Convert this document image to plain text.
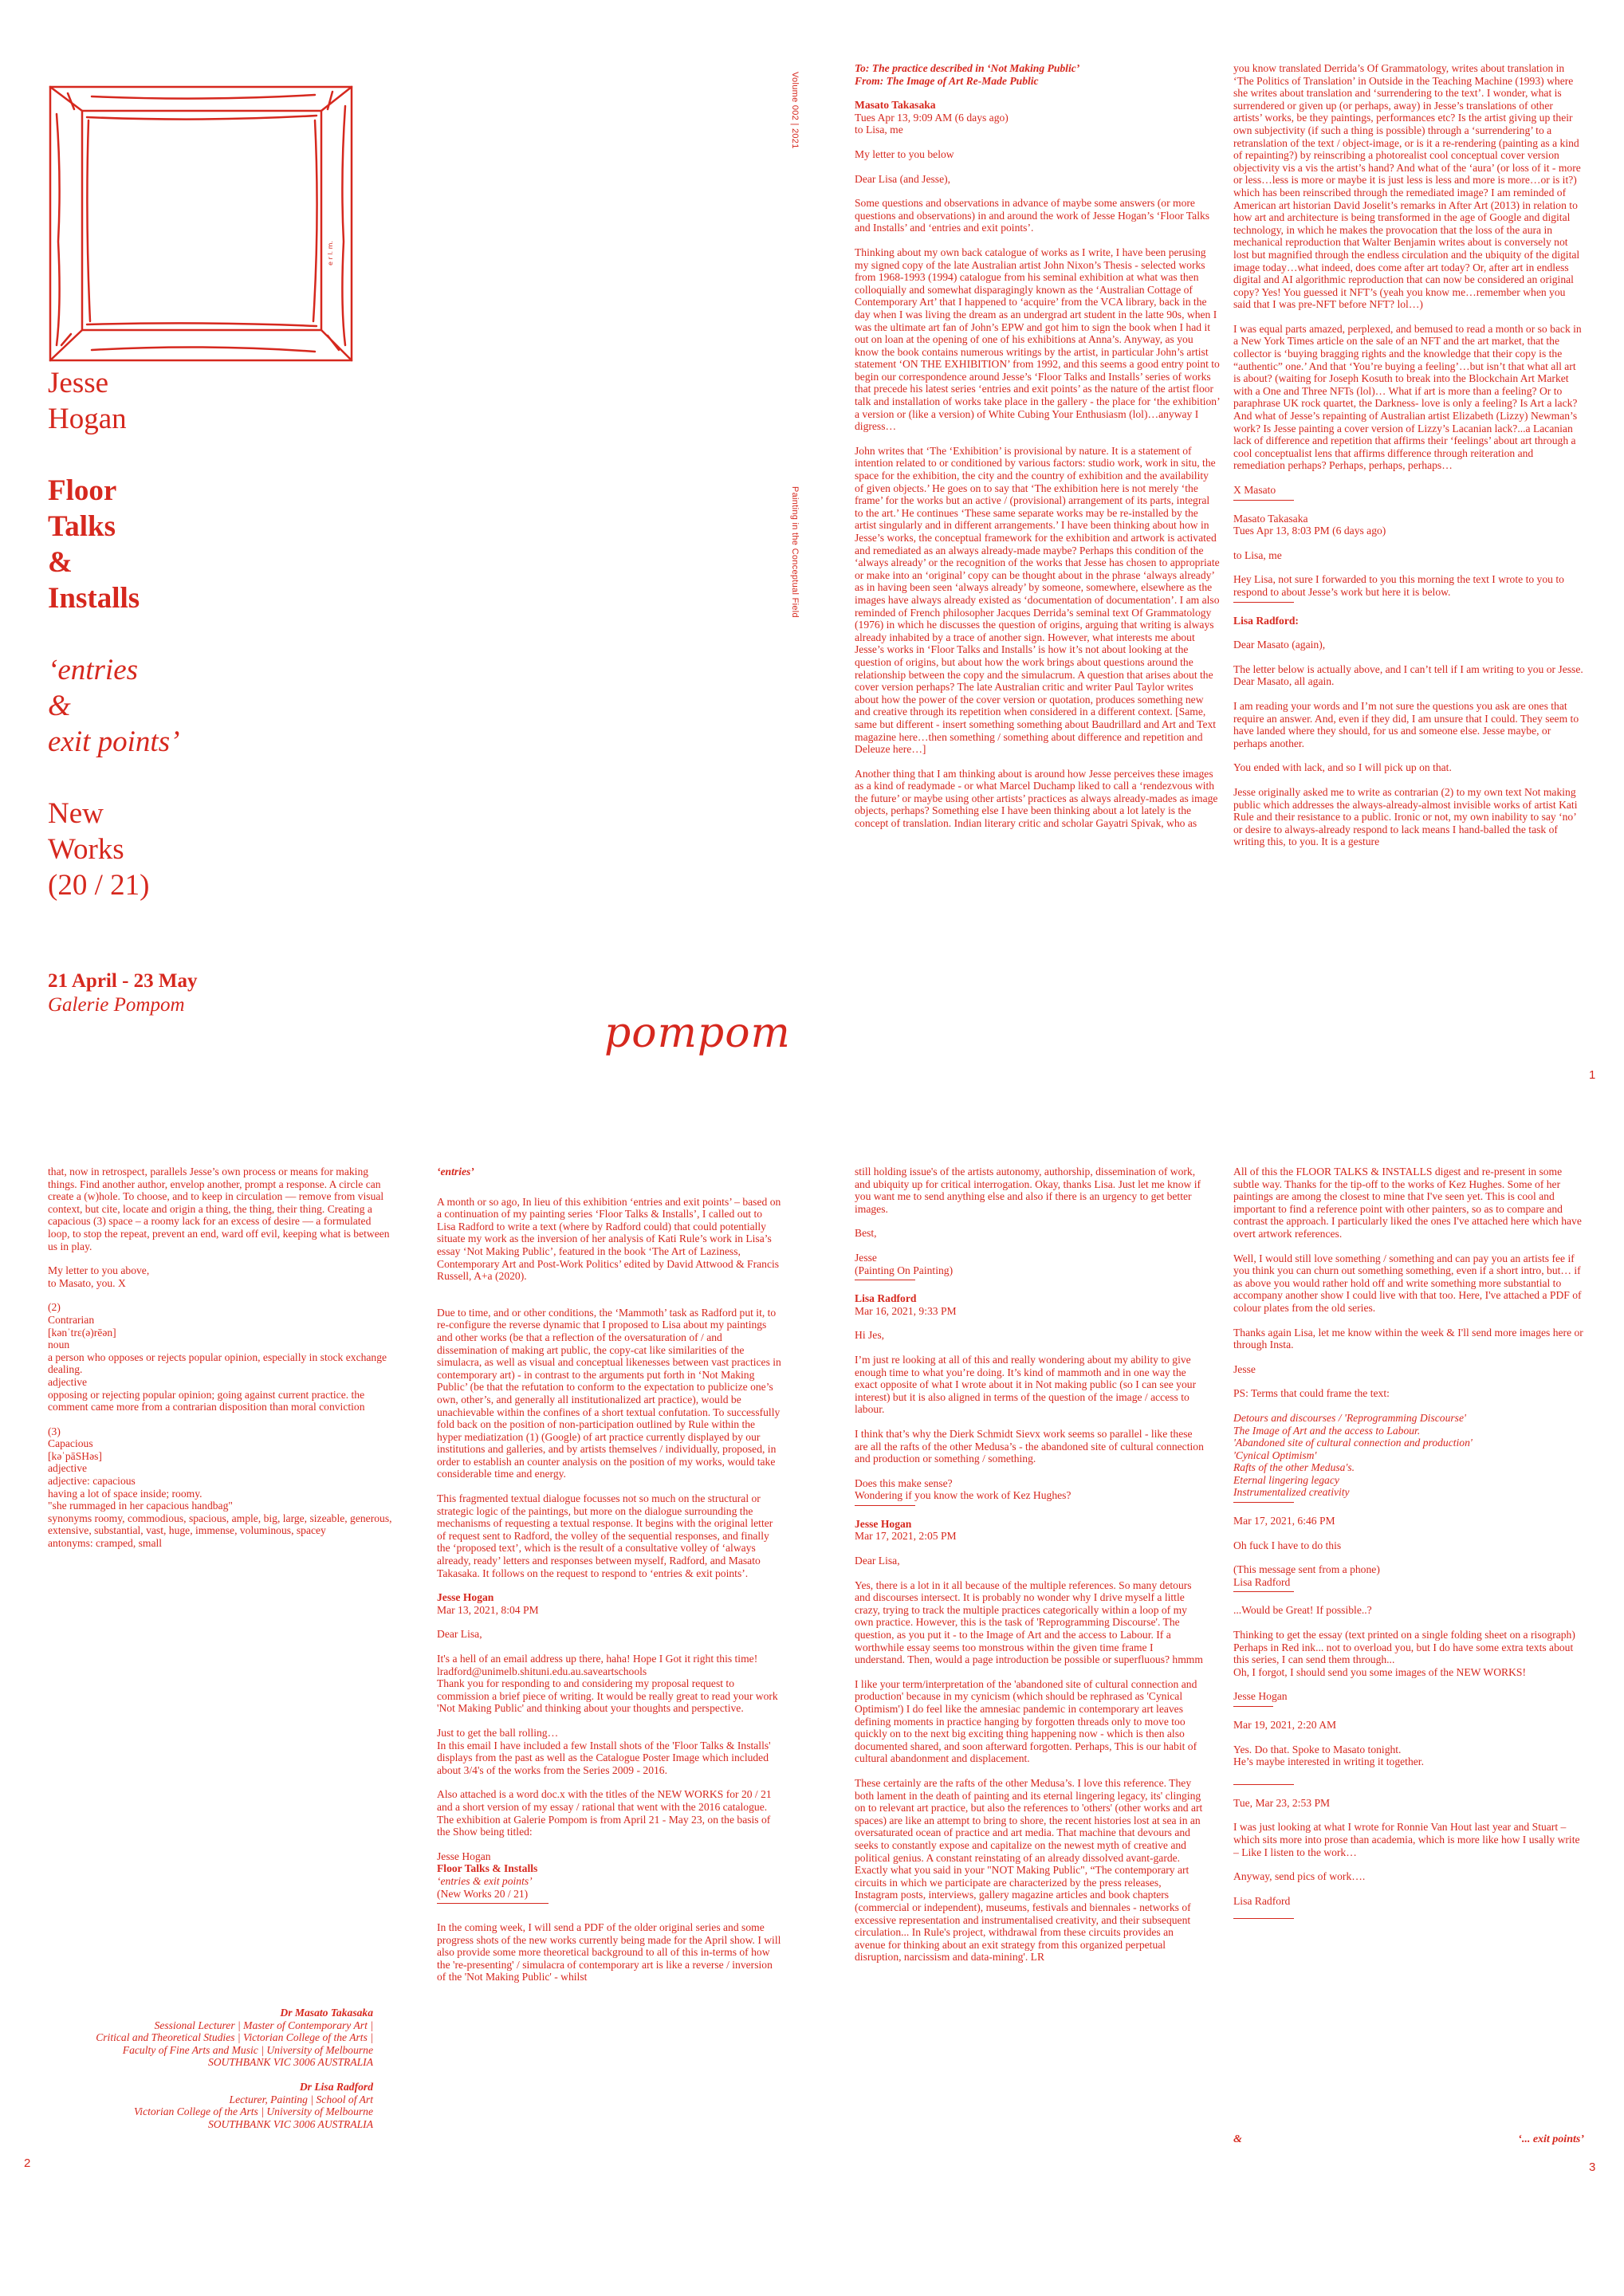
e r l. m.

Jesse
Hogan

Floor
Talks
&
Installs

‘entries
&
exit points’

New
Works
(20 / 21)

21 April - 23 May
Galerie Pompom
Volume 002 | 2021
Painting in the Conceptual Field
pompom

To: The practice described in ‘Not Making Public’
From: The Image of Art Re-Made Public

Masato Takasaka
Tues Apr 13, 9:09 AM (6 days ago)
to Lisa, me

My letter to you below

Dear Lisa (and Jesse),

Some questions and observations in advance of maybe some answers (or more questions and observations) in and around the work of Jesse Hogan’s ‘Floor Talks and Installs’ and ‘entries and exit points’.

Thinking about my own back catalogue of works as I write, I have been perusing my signed copy of the late Australian artist John Nixon’s Thesis - selected works from 1968-1993 (1994) catalogue from his seminal exhibition at what was then colloquially and somewhat disparagingly known as the ‘Australian Cottage of Contemporary Art’ that I happened to ‘acquire’ from the VCA library, back in the day when I was living the dream as an undergrad art student in the latte 90s, when I was the ultimate art fan of John’s EPW and got him to sign the book when I had it out on loan at the opening of one of his exhibitions at Anna’s. Anyway, as you know the book contains numerous writings by the artist, in particular John’s artist statement ‘ON THE EXHIBITION’ from 1992, and this seems a good entry point to begin our correspondence around Jesse’s ‘Floor Talks and Installs’ series of works that precede his latest series ‘entries and exit points’ as the nature of the artist floor talk and installation of works take place in the gallery - the place for ‘the exhibition’ a version or (like a version) of White Cubing Your Enthusiasm (lol)…anyway I digress…

John writes that ‘The ‘Exhibition’ is provisional by nature. It is a statement of intention related to or conditioned by various factors: studio work, work in situ, the space for the exhibition, the city and the country of exhibition and the availability of given objects.’ He goes on to say that ‘The exhibition here is not merely ‘the frame’ for the works but an active / (provisional) arrangement of its parts, integral to the art.’ He continues ‘These same separate works may be re-installed by the artist singularly and in different arrangements.’ I have been thinking about how in Jesse’s works, the conceptual framework for the exhibition and artwork is activated and remediated as an always already-made maybe? Perhaps this condition of the ‘always already’ or the recognition of the works that Jesse has chosen to appropriate or make into an ‘original’ copy can be thought about in the phrase ‘always already’ as in having been seen ‘always already’ by someone, somewhere, elsewhere as the images have always already existed as ‘documentation of documentation’. I am also reminded of French philosopher Jacques Derrida’s seminal text Of Grammatology (1976) in which he discusses the question of origins, arguing that writing is always already inhabited by a trace of another sign. However, what interests me about Jesse’s works in ‘Floor Talks and Installs’ is how it’s not about looking at the question of origins, but about how the work brings about questions around the relationship between the copy and the simulacrum. A question that arises about the cover version perhaps? The late Australian critic and writer Paul Taylor writes about how the power of the cover version or quotation, produces something new and creative through its repetition when considered in a different context. [Same, same but different - insert something something about Baudrillard and Art and Text magazine here…then something / something about difference and repetition and Deleuze here…]

Another thing that I am thinking about is around how Jesse perceives these images as a kind of readymade - or what Marcel Duchamp liked to call a ‘rendezvous with the future’ or maybe using other artists’ practices as always already-mades as image objects, perhaps? Something else I have been thinking about a lot lately is the concept of translation. Indian literary critic and scholar Gayatri Spivak, who as

you know translated Derrida’s Of Grammatology, writes about translation in ‘The Politics of Translation’ in Outside in the Teaching Machine (1993) where she writes about translation and ‘surrendering to the text’. I wonder, what is surrendered or given up (or perhaps, away) in Jesse’s translations of other artists’ works, be they paintings, performances etc? Is the artist giving up their own subjectivity (if such a thing is possible) through a ‘surrendering’ to a retranslation of the text / object-image, or is it a re-rendering (painting as a kind of repainting?) by reinscribing a photorealist cool conceptual cover version objectivity vis a vis the artist’s hand? And what of the ‘aura’ (or loss of it - more or less…less is more or maybe it is just less is less and more is more…or is it?) which has been reinscribed through the remediated image? I am reminded of American art historian David Joselit’s remarks in After Art (2013) in relation to how art and architecture is being transformed in the age of Google and digital technology, in which he makes the provocation that the loss of the aura in mechanical reproduction that Walter Benjamin writes about is conversely not lost but magnified through the endless circulation and the ubiquity of the digital image today…what indeed, does come after art today? Or, after art in endless digital and AI algorithmic reproduction that can now be considered an original copy? Yes! You guessed it NFT’s (yeah you know me…remember when you said that I was pre-NFT before NFT? lol…)

I was equal parts amazed, perplexed, and bemused to read a month or so back in a New York Times article on the sale of an NFT and the art market, that the collector is ‘buying bragging rights and the knowledge that their copy is the “authentic” one.’ And that ‘You’re buying a feeling’…but isn’t that what all art is about? (waiting for Joseph Kosuth to break into the Blockchain Art Market with a One and Three NFTs (lol)… What if art is more than a feeling? Or to paraphrase UK rock quartet, the Darkness- love is only a feeling? Is Art a lack? And what of Jesse’s repainting of Australian artist Elizabeth (Lizzy) Newman’s work? Is Jesse painting a cover version of Lizzy’s Lacanian lack?...a Lacanian lack of difference and repetition that affirms their ‘feelings’ about art through a cool conceptualist lens that affirms difference through reiteration and remediation perhaps? Perhaps, perhaps, perhaps…

X Masato

Masato Takasaka
Tues Apr 13, 8:03 PM (6 days ago)

to Lisa, me

Hey Lisa, not sure I forwarded to you this morning the text I wrote to you to respond to about Jesse’s work but here it is below.

Lisa Radford:

Dear Masato (again),

The letter below is actually above, and I can’t tell if I am writing to you or Jesse. Dear Masato, all again.

I am reading your words and I’m not sure the questions you ask are ones that require an answer. And, even if they did, I am unsure that I could. They seem to have landed where they should, for us and someone else. Jesse maybe, or perhaps another.

You ended with lack, and so I will pick up on that.

Jesse originally asked me to write as contrarian (2) to my own text Not making public which addresses the always-already-almost invisible works of artist Kati Rule and their resistance to a public. Ironic or not, my own inability to say ‘no’ or desire to always-already respond to lack means I hand-balled the task of writing this, to you. It is a gesture

1

that, now in retrospect, parallels Jesse’s own process or means for making things. Find another author, envelop another, prompt a response. A circle can create a (w)hole. To choose, and to keep in circulation — remove from visual context, but cite, locate and origin a thing, the thing, their thing. Creating a capacious (3) space – a roomy lack for an excess of desire — a formulated loop, to stop the repeat, prevent an end, ward off evil, keeping what is between us in play.

My letter to you above,
to Masato, you. X

(2)
Contrarian
[kənˈtrɛ(ə)rēən]
noun
a person who opposes or rejects popular opinion, especially in stock exchange dealing.
adjective
opposing or rejecting popular opinion; going against current practice. the comment came more from a contrarian disposition than moral conviction

(3)
Capacious
[kəˈpāSHəs]
adjective
adjective: capacious
having a lot of space inside; roomy.
"she rummaged in her capacious handbag"
synonyms roomy, commodious, spacious, ample, big, large, sizeable, generous, extensive, substantial, vast, huge, immense, voluminous, spacey
antonyms: cramped, small

Dr Masato Takasaka
Sessional Lecturer | Master of Contemporary Art |
Critical and Theoretical Studies | Victorian College of the Arts |
Faculty of Fine Arts and Music | University of Melbourne
SOUTHBANK VIC 3006 AUSTRALIA

Dr Lisa Radford
Lecturer, Painting | School of Art
Victorian College of the Arts | University of Melbourne
SOUTHBANK VIC 3006 AUSTRALIA

2

‘entries’

A month or so ago, In lieu of this exhibition ‘entries and exit points’ – based on a continuation of my painting series ‘Floor Talks & Installs’, I called out to Lisa Radford to write a text (where by Radford could) that could potentially situate my work as the inversion of her analysis of Kati Rule’s work in Lisa’s essay ‘Not Making Public’, featured in the book ‘The Art of Laziness, Contemporary Art and Post-Work Politics’ edited by David Attwood & Francis Russell, A+a (2020).

Due to time, and or other conditions, the ‘Mammoth’ task as Radford put it, to re-configure the reverse dynamic that I proposed to Lisa about my paintings and other works (be that a reflection of the oversaturation of / and dissemination of making art public, the copy-cat like similarities of the simulacra, as well as visual and conceptual likenesses between vast practices in contemporary art) - in contrast to the arguments put forth in ‘Not Making Public’ (be that the refutation to conform to the expectation to publicize one’s own, other’s, and generally all institutionalized art practice), would be unachievable within the confines of a short textual confutation. To successfully fold back on the position of non-participation outlined by Rule within the hyper mediatization (1) (Google) of art practice currently displayed by our institutions and galleries, and by artists themselves / individually, proposed, in order to establish an counter analysis on the position of my works, would take considerable time and energy.

This fragmented textual dialogue focusses not so much on the structural or strategic logic of the paintings, but more on the dialogue surrounding the mechanisms of requesting a textual response. It begins with the original letter of request sent to Radford, the volley of the sequential responses, and finally the ‘proposed text’, which is the result of a consultative volley of ‘always already, ready’ letters and responses between myself, Radford, and Masato Takasaka. It follows on the request to respond to ‘entries & exit points’.

Jesse Hogan
Mar 13, 2021, 8:04 PM

Dear Lisa,

It's a hell of an email address up there, haha! Hope I Got it right this time! lradford@unimelb.shituni.edu.au.saveartschools

Thank you for responding to and considering my proposal request to commission a brief piece of writing. It would be really great to read your work 'Not Making Public' and thinking about your thoughts and perspective.

Just to get the ball rolling…

In this email I have included a few Install shots of the 'Floor Talks & Installs' displays from the past as well as the Catalogue Poster Image which included about 3/4's of the works from the Series 2009 - 2016.

Also attached is a word doc.x with the titles of the NEW WORKS for 20 / 21 and a short version of my essay / rational that went with the 2016 catalogue. The exhibition at Galerie Pompom is from April 21 - May 23, on the basis of the Show being titled:

Jesse Hogan
Floor Talks & Installs
‘entries & exit points’
(New Works 20 / 21)

In the coming week, I will send a PDF of the older original series and some progress shots of the new works currently being made for the April show. I will also provide some more theoretical background to all of this in-terms of how the 're-presenting' / simulacra of contemporary art is like a reverse / inversion of the 'Not Making Public' - whilst

still holding issue's of the artists autonomy, authorship, dissemination of work, and ubiquity up for critical interrogation. Okay, thanks Lisa. Just let me know if you want me to send anything else and also if there is an urgency to get better images.

Best,

Jesse
(Painting On Painting)

Lisa Radford
Mar 16, 2021, 9:33 PM

Hi Jes,

I’m just re looking at all of this and really wondering about my ability to give enough time to what you’re doing. It’s kind of mammoth and in one way the exact opposite of what I wrote about it in Not making public (so I can see your interest) but it is also aligned in terms of the question of the image / access to labour.

I think that’s why the Dierk Schmidt Sievx work seems so parallel - like these are all the rafts of the other Medusa’s - the abandoned site of cultural connection and production or something / something.

Does this make sense?
Wondering if you know the work of Kez Hughes?

Jesse Hogan
Mar 17, 2021, 2:05 PM

Dear Lisa,

Yes, there is a lot in it all because of the multiple references. So many detours and discourses intersect. It is probably no wonder why I drive myself a little crazy, trying to track the multiple practices categorically within a loop of my own practice. However, this is the task of 'Reprogramming Discourse'. The question, as you put it - to the Image of Art and the access to Labour. If a worthwhile essay seems too monstrous within the given time frame I understand. Then, would a page introduction be possible or superfluous? hmmm

I like your term/interpretation of the 'abandoned site of cultural connection and production' because in my cynicism (which should be rephrased as 'Cynical Optimism') I do feel like the amnesiac pandemic in contemporary art leaves defining moments in practice hanging by forgotten threads only to move too quickly on to the next big exciting thing happening now - which is then also documented shared, and soon afterward forgotten. Perhaps, This is our habit of cultural abandonment and displacement.

These certainly are the rafts of the other Medusa’s. I love this reference. They both lament in the death of painting and its eternal lingering legacy, its' clinging on to relevant art practice, but also the references to 'others' (other works and art spaces) are like an attempt to bring to shore, the recent histories lost at sea in an oversaturated ocean of practice and art media. That machine that devours and seeks to constantly expose and capitalize on the newest myth of creative and political genius. A constant reinstating of an already dissolved avant-garde. Exactly what you said in your "NOT Making Public", “The contemporary art circuits in which we participate are characterized by the press releases, Instagram posts, interviews, gallery magazine articles and book chapters (commercial or independent), museums, festivals and biennales - networks of excessive representation and instrumentalised creativity, and their subsequent circulation... In Rule's project, withdrawal from these circuits provides an avenue for thinking about an exit strategy from this organized perpetual disruption, narcissism and data-mining'. LR

All of this the FLOOR TALKS & INSTALLS digest and re-present in some subtle way. Thanks for the tip-off to the works of Kez Hughes. Some of her paintings are among the closest to mine that I've seen yet. This is cool and important to find a reference point with other painters, so as to compare and contrast the approach. I particularly liked the ones I've attached here which have overt artwork references.

Well, I would still love something / something and can pay you an artists fee if you think you can churn out something something, even if a short intro, but… if as above you would rather hold off and write something more substantial to accompany another show I could live with that too. Here, I've attached a PDF of colour plates from the old series.

Thanks again Lisa, let me know within the week & I'll send more images here or through Insta.

Jesse

PS: Terms that could frame the text:

Detours and discourses / 'Reprogramming Discourse'
The Image of Art and the access to Labour.
'Abandoned site of cultural connection and production'
'Cynical Optimism'
Rafts of the other Medusa's.
Eternal lingering legacy
Instrumentalized creativity

Mar 17, 2021, 6:46 PM

Oh fuck I have to do this

(This message sent from a phone)
Lisa Radford

...Would be Great! If possible..?

Thinking to get the essay (text printed on a single folding sheet on a risograph) Perhaps in Red ink... not to overload you, but I do have some extra texts about this series, I can send them through...
Oh, I forgot, I should send you some images of the NEW WORKS!

Jesse Hogan

Mar 19, 2021, 2:20 AM

Yes. Do that. Spoke to Masato tonight.
He’s maybe interested in writing it together.

Tue, Mar 23, 2:53 PM

I was just looking at what I wrote for Ronnie Van Hout last year and Stuart – which sits more into prose than academia, which is more like how I usally write – Like I listen to the work…

Anyway, send pics of work….

Lisa Radford

&	‘... exit points’
3
